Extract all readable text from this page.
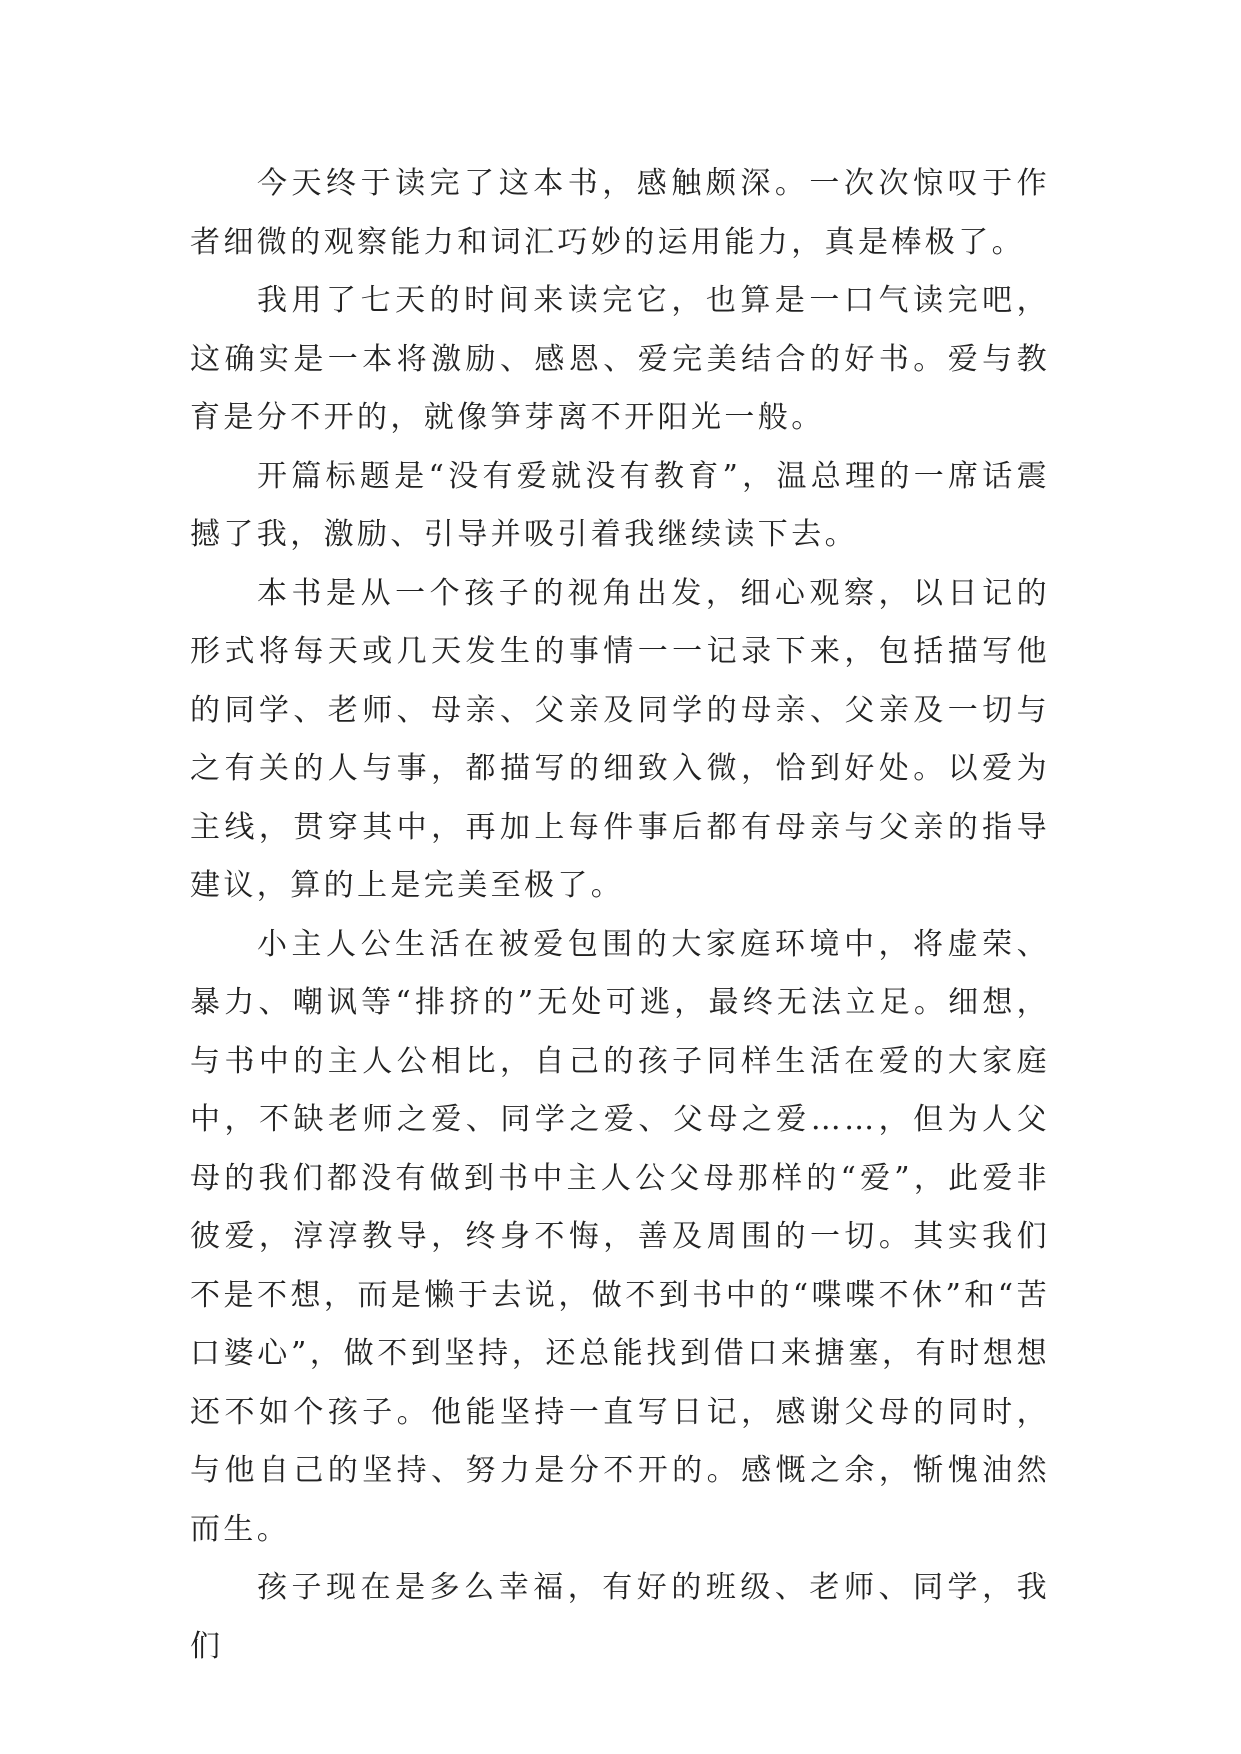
今天终于读完了这本书，感触颇深。一次次惊叹于作者细微的观察能力和词汇巧妙的运用能力，真是棒极了。

我用了七天的时间来读完它，也算是一口气读完吧，这确实是一本将激励、感恩、爱完美结合的好书。爱与教育是分不开的，就像笋芽离不开阳光一般。

开篇标题是“没有爱就没有教育”，温总理的一席话震撼了我，激励、引导并吸引着我继续读下去。

本书是从一个孩子的视角出发，细心观察，以日记的形式将每天或几天发生的事情一一记录下来，包括描写他的同学、老师、母亲、父亲及同学的母亲、父亲及一切与之有关的人与事，都描写的细致入微，恰到好处。以爱为主线，贯穿其中，再加上每件事后都有母亲与父亲的指导建议，算的上是完美至极了。

小主人公生活在被爱包围的大家庭环境中，将虚荣、暴力、嘲讽等“排挤的”无处可逃，最终无法立足。细想，与书中的主人公相比，自己的孩子同样生活在爱的大家庭中，不缺老师之爱、同学之爱、父母之爱……，但为人父母的我们都没有做到书中主人公父母那样的“爱”，此爱非彼爱，淳淳教导，终身不悔，善及周围的一切。其实我们不是不想，而是懒于去说，做不到书中的“喋喋不休”和“苦口婆心”，做不到坚持，还总能找到借口来搪塞，有时想想还不如个孩子。他能坚持一直写日记，感谢父母的同时，与他自己的坚持、努力是分不开的。感慨之余，惭愧油然而生。

孩子现在是多么幸福，有好的班级、老师、同学，我们
